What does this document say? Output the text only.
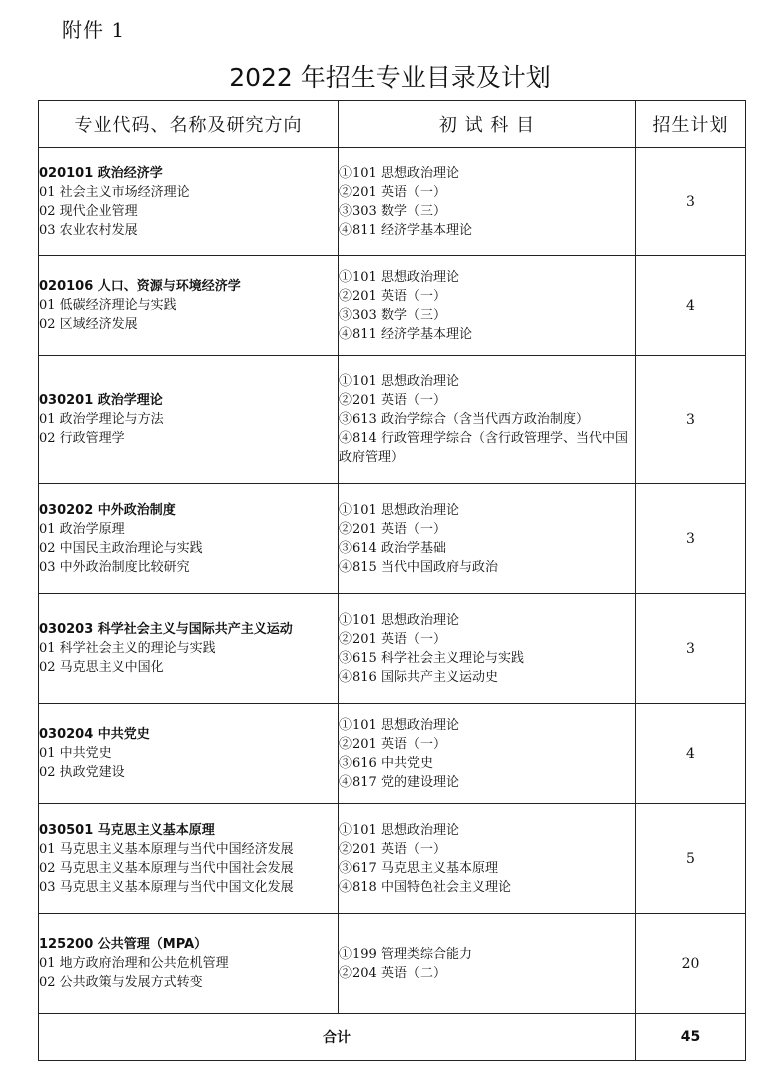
附件 1
2022 年招生专业目录及计划
专业代码、名称及研究方向	初 试 科 目	招生计划

020101 政治经济学
01 社会主义市场经济理论
02 现代企业管理
03 农业农村发展	①101 思想政治理论
②201 英语（一）
③303 数学（三）
④811 经济学基本理论	3

020106 人口、资源与环境经济学
01 低碳经济理论与实践
02 区域经济发展	①101 思想政治理论
②201 英语（一）
③303 数学（三）
④811 经济学基本理论	4

030201 政治学理论
01 政治学理论与方法
02 行政管理学	①101 思想政治理论
②201 英语（一）
③613 政治学综合（含当代西方政治制度）
④814 行政管理学综合（含行政管理学、当代中国政府管理）	3

030202 中外政治制度
01 政治学原理
02 中国民主政治理论与实践
03 中外政治制度比较研究	①101 思想政治理论
②201 英语（一）
③614 政治学基础
④815 当代中国政府与政治	3

030203 科学社会主义与国际共产主义运动
01 科学社会主义的理论与实践
02 马克思主义中国化	①101 思想政治理论
②201 英语（一）
③615 科学社会主义理论与实践
④816 国际共产主义运动史	3

030204 中共党史
01 中共党史
02 执政党建设	①101 思想政治理论
②201 英语（一）
③616 中共党史
④817 党的建设理论	4

030501 马克思主义基本原理
01 马克思主义基本原理与当代中国经济发展
02 马克思主义基本原理与当代中国社会发展
03 马克思主义基本原理与当代中国文化发展	①101 思想政治理论
②201 英语（一）
③617 马克思主义基本原理
④818 中国特色社会主义理论	5

125200 公共管理（MPA）
01 地方政府治理和公共危机管理
02 公共政策与发展方式转变	①199 管理类综合能力
②204 英语（二）	20
合计		45
